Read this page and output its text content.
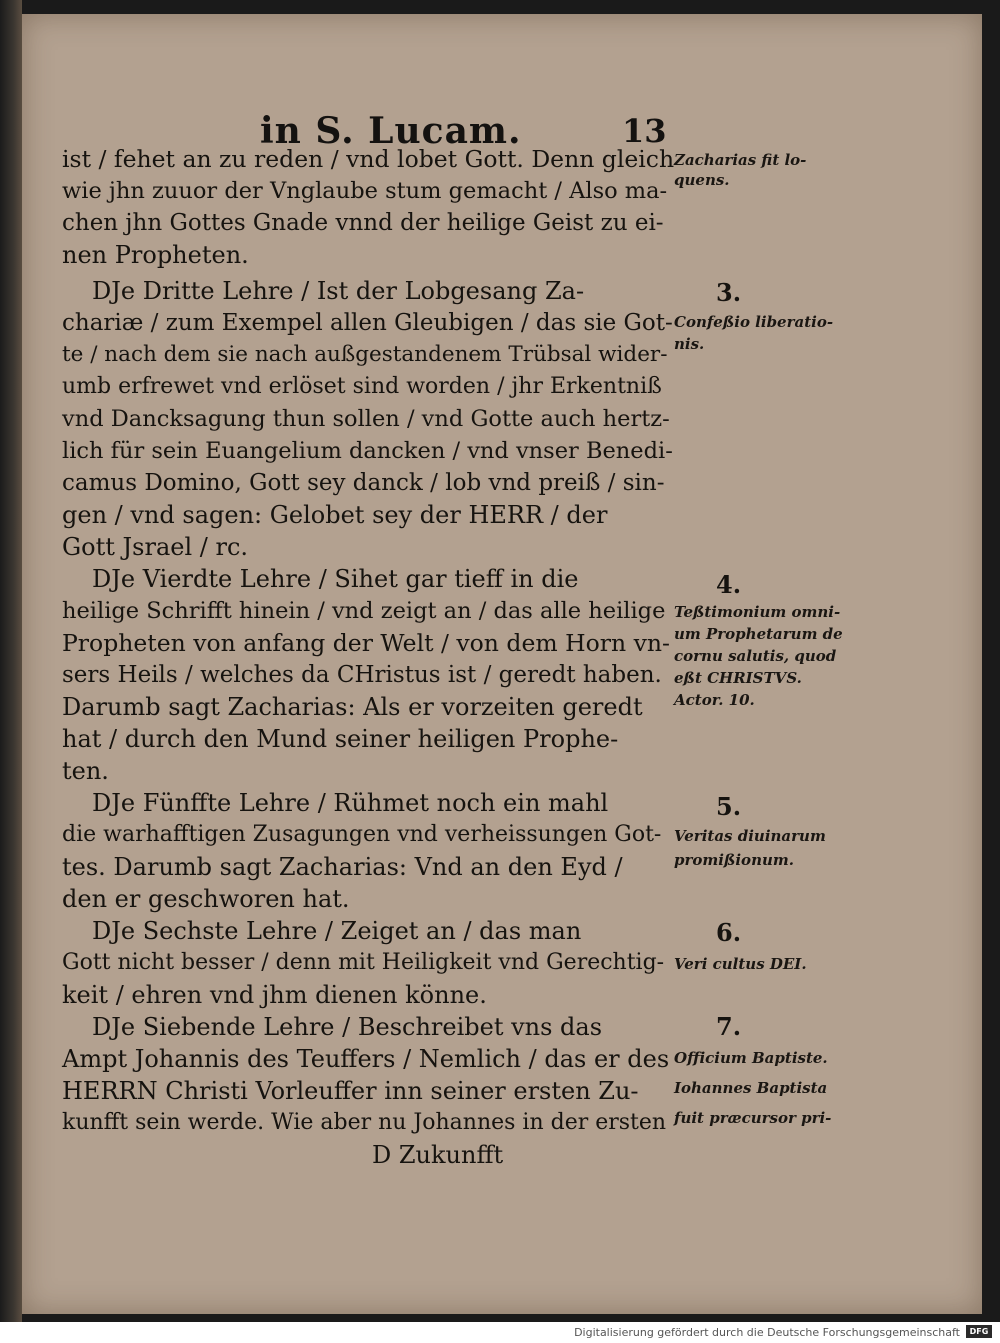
in S. Lucam.	13
ist / fehet an zu reden / vnd lobet Gott. Denn gleich
wie jhn zuuor der Vnglaube stum gemacht / Also ma-
chen jhn Gottes Gnade vnnd der heilige Geist zu ei-
nen Propheten.
DJe Dritte Lehre / Ist der Lobgesang Za-
chariæ / zum Exempel allen Gleubigen / das sie Got-
te / nach dem sie nach außgestandenem Trübsal wider-
umb erfrewet vnd erlöset sind worden / jhr Erkentniß
vnd Dancksagung thun sollen / vnd Gotte auch hertz-
lich für sein Euangelium dancken / vnd vnser Benedi-
camus Domino, Gott sey danck / lob vnd preiß / sin-
gen / vnd sagen: Gelobet sey der HERR / der
Gott Jsrael / rc.
DJe Vierdte Lehre / Sihet gar tieff in die
heilige Schrifft hinein / vnd zeigt an / das alle heilige
Propheten von anfang der Welt / von dem Horn vn-
sers Heils / welches da CHristus ist / geredt haben.
Darumb sagt Zacharias: Als er vorzeiten geredt
hat / durch den Mund seiner heiligen Prophe-
ten.
DJe Fünffte Lehre / Rühmet noch ein mahl
die warhafftigen Zusagungen vnd verheissungen Got-
tes. Darumb sagt Zacharias: Vnd an den Eyd /
den er geschworen hat.
DJe Sechste Lehre / Zeiget an / das man
Gott nicht besser / denn mit Heiligkeit vnd Gerechtig-
keit / ehren vnd jhm dienen könne.
DJe Siebende Lehre / Beschreibet vns das
Ampt Johannis des Teuffers / Nemlich / das er des
HERRN Christi Vorleuffer inn seiner ersten Zu-
kunfft sein werde. Wie aber nu Johannes in der ersten
D Zukunfft
Zacharias fit lo-
quens.
3.
Confeßio liberatio-
nis.
4.
Teßtimonium omni-
um Prophetarum de
cornu salutis, quod
eßt CHRISTVS.
Actor. 10.
5.
Veritas diuinarum
promißionum.
6.
Veri cultus DEI.
7.
Officium Baptiste.
Iohannes Baptista
fuit præcursor pri-
Digitalisierung gefördert durch die Deutsche Forschungsgemeinschaft	DFG
